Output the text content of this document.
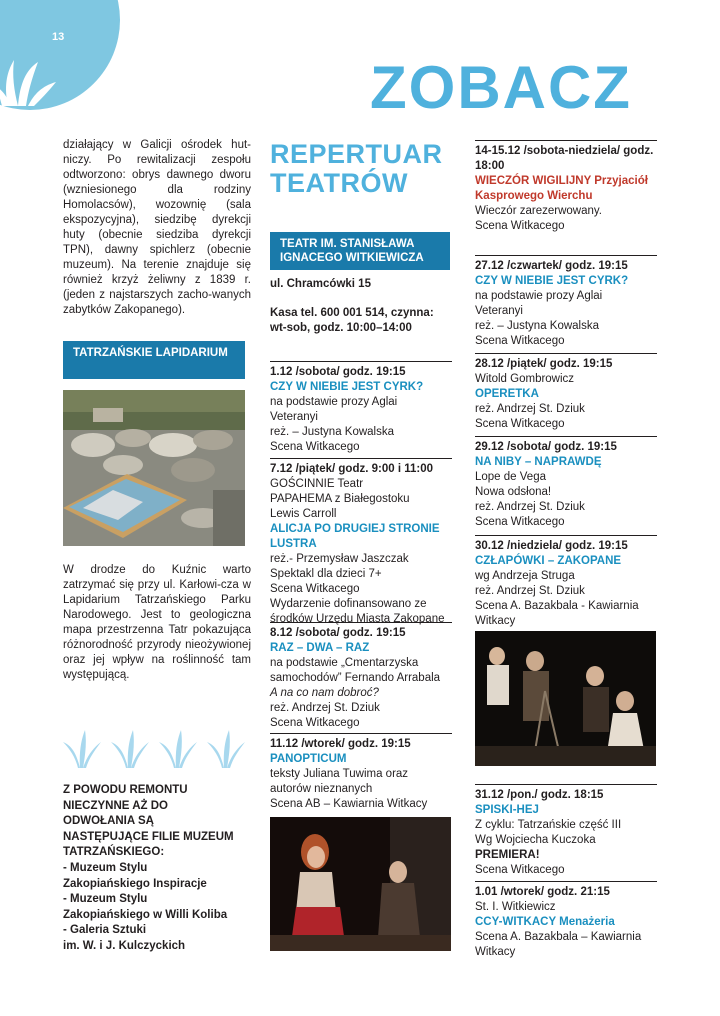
13
ZOBACZ
działający w Galicji ośrodek hut-niczy. Po rewitalizacji zespołu odtworzono: obrys dawnego dworu (wzniesionego dla rodziny Homolacsów), wozownię (sala ekspozycyjna), siedzibę dyrekcji huty (obecnie siedziba dyrekcji TPN), dawny spichlerz (obecnie muzeum). Na terenie znajduje się również krzyż żeliwny z 1839 r. (jeden z najstarszych zacho-wanych zabytków Zakopanego).
TATRZAŃSKIE LAPIDARIUM
W drodze do Kuźnic warto zatrzymać się przy ul. Karłowi-cza w Lapidarium Tatrzańskiego Parku Narodowego. Jest to geologiczna mapa przestrzenna Tatr pokazująca różnorodność przyrody nieożywionej oraz jej wpływ na roślinność tam występującą.
Z POWODU REMONTU
NIECZYNNE AŻ DO
ODWOŁANIA SĄ
NASTĘPUJĄCE FILIE MUZEUM
TATRZAŃSKIEGO:
- Muzeum Stylu
Zakopiańskiego Inspiracje
- Muzeum Stylu
Zakopiańskiego w Willi Koliba
- Galeria Sztuki
im. W. i J. Kulczyckich
REPERTUAR
TEATRÓW
TEATR IM. STANISŁAWA
IGNACEGO WITKIEWICZA
ul. Chramcówki 15
Kasa tel. 600 001 514, czynna:
wt-sob, godz. 10:00–14:00
1.12 /sobota/ godz. 19:15
CZY W NIEBIE JEST CYRK?
na podstawie prozy Aglai
Veteranyi
reż. – Justyna Kowalska
Scena Witkacego
7.12 /piątek/ godz. 9:00 i 11:00
GOŚCINNIE Teatr
PAPAHEMA z Białegostoku
Lewis Carroll
ALICJA PO DRUGIEJ STRONIE LUSTRA
reż.- Przemysław Jaszczak
Spektakl dla dzieci 7+
Scena Witkacego
Wydarzenie dofinansowano ze
środków Urzędu Miasta Zakopane
8.12 /sobota/ godz. 19:15
RAZ – DWA – RAZ
na podstawie „Cmentarzyska
samochodów” Fernando Arrabala
A na co nam dobroć?
reż. Andrzej St. Dziuk
Scena Witkacego
11.12 /wtorek/ godz. 19:15
PANOPTICUM
teksty Juliana Tuwima oraz
autorów nieznanych
Scena AB – Kawiarnia Witkacy
14-15.12 /sobota-niedziela/ godz. 18:00
WIECZÓR WIGILIJNY Przyjaciół Kasprowego Wierchu
Wieczór zarezerwowany.
Scena Witkacego
27.12 /czwartek/ godz. 19:15
CZY W NIEBIE JEST CYRK?
na podstawie prozy Aglai
Veteranyi
reż. – Justyna Kowalska
Scena Witkacego
28.12 /piątek/ godz. 19:15
Witold Gombrowicz
OPERETKA
reż. Andrzej St. Dziuk
Scena Witkacego
29.12 /sobota/ godz. 19:15
NA NIBY – NAPRAWDĘ
Lope de Vega
Nowa odsłona!
reż. Andrzej St. Dziuk
Scena Witkacego
30.12 /niedziela/ godz. 19:15
CZŁAPÓWKI – ZAKOPANE
wg Andrzeja Struga
reż. Andrzej St. Dziuk
Scena A. Bazakbala - Kawiarnia
Witkacy
31.12 /pon./ godz. 18:15
SPISKI-HEJ
Z cyklu: Tatrzańskie część III
Wg Wojciecha Kuczoka
PREMIERA!
Scena Witkacego
1.01 /wtorek/ godz. 21:15
St. I. Witkiewicz
CCY-WITKACY Menażeria
Scena A. Bazakbala – Kawiarnia
Witkacy
